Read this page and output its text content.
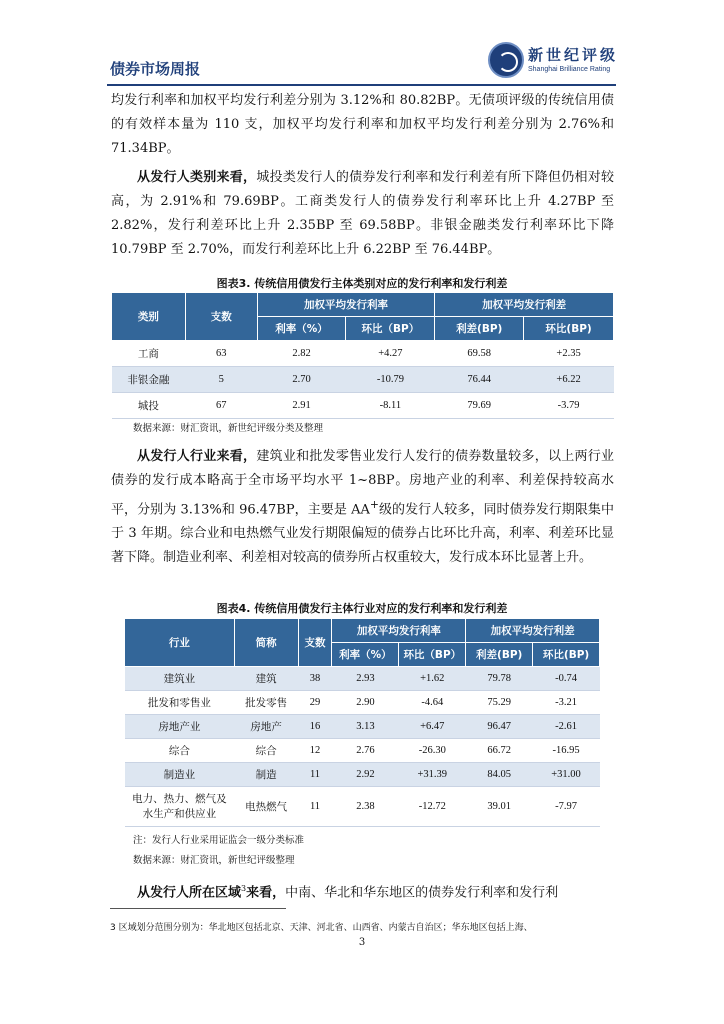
债券市场周报
新世纪评级
Shanghai Brilliance Rating

均发行利率和加权平均发行利差分别为 3.12%和 80.82BP。无债项评级的传统信用债的有效样本量为 110 支，加权平均发行利率和加权平均发行利差分别为 2.76%和 71.34BP。

从发行人类别来看，城投类发行人的债券发行利率和发行利差有所下降但仍相对较高，为 2.91%和 79.69BP。工商类发行人的债券发行利率环比上升 4.27BP 至 2.82%，发行利差环比上升 2.35BP 至 69.58BP。非银金融类发行利率环比下降 10.79BP 至 2.70%，而发行利差环比上升 6.22BP 至 76.44BP。

图表3. 传统信用债发行主体类别对应的发行利率和发行利差
类别	支数	加权平均发行利率		加权平均发行利差	
		利率（%）	环比（BP）	利差(BP)	环比(BP)
工商	63	2.82	+4.27	69.58	+2.35
非银金融	5	2.70	-10.79	76.44	+6.22
城投	67	2.91	-8.11	79.69	-3.79
数据来源：财汇资讯，新世纪评级分类及整理

从发行人行业来看，建筑业和批发零售业发行人发行的债券数量较多，以上两行业债券的发行成本略高于全市场平均水平 1~8BP。房地产业的利率、利差保持较高水平，分别为 3.13%和 96.47BP，主要是 AA+级的发行人较多，同时债券发行期限集中于 3 年期。综合业和电热燃气业发行期限偏短的债券占比环比升高，利率、利差环比显著下降。制造业利率、利差相对较高的债券所占权重较大，发行成本环比显著上升。

图表4. 传统信用债发行主体行业对应的发行利率和发行利差
行业	简称	支数	加权平均发行利率		加权平均发行利差	
			利率（%）	环比（BP）	利差(BP)	环比(BP)
建筑业	建筑	38	2.93	+1.62	79.78	-0.74
批发和零售业	批发零售	29	2.90	-4.64	75.29	-3.21
房地产业	房地产	16	3.13	+6.47	96.47	-2.61
综合	综合	12	2.76	-26.30	66.72	-16.95
制造业	制造	11	2.92	+31.39	84.05	+31.00
电力、热力、燃气及水生产和供应业	电热燃气	11	2.38	-12.72	39.01	-7.97
注：发行人行业采用证监会一级分类标准
数据来源：财汇资讯，新世纪评级整理

从发行人所在区域$^3$来看，中南、华北和华东地区的债券发行利率和发行利

3 区域划分范围分别为：华北地区包括北京、天津、河北省、山西省、内蒙古自治区；华东地区包括上海、
3
